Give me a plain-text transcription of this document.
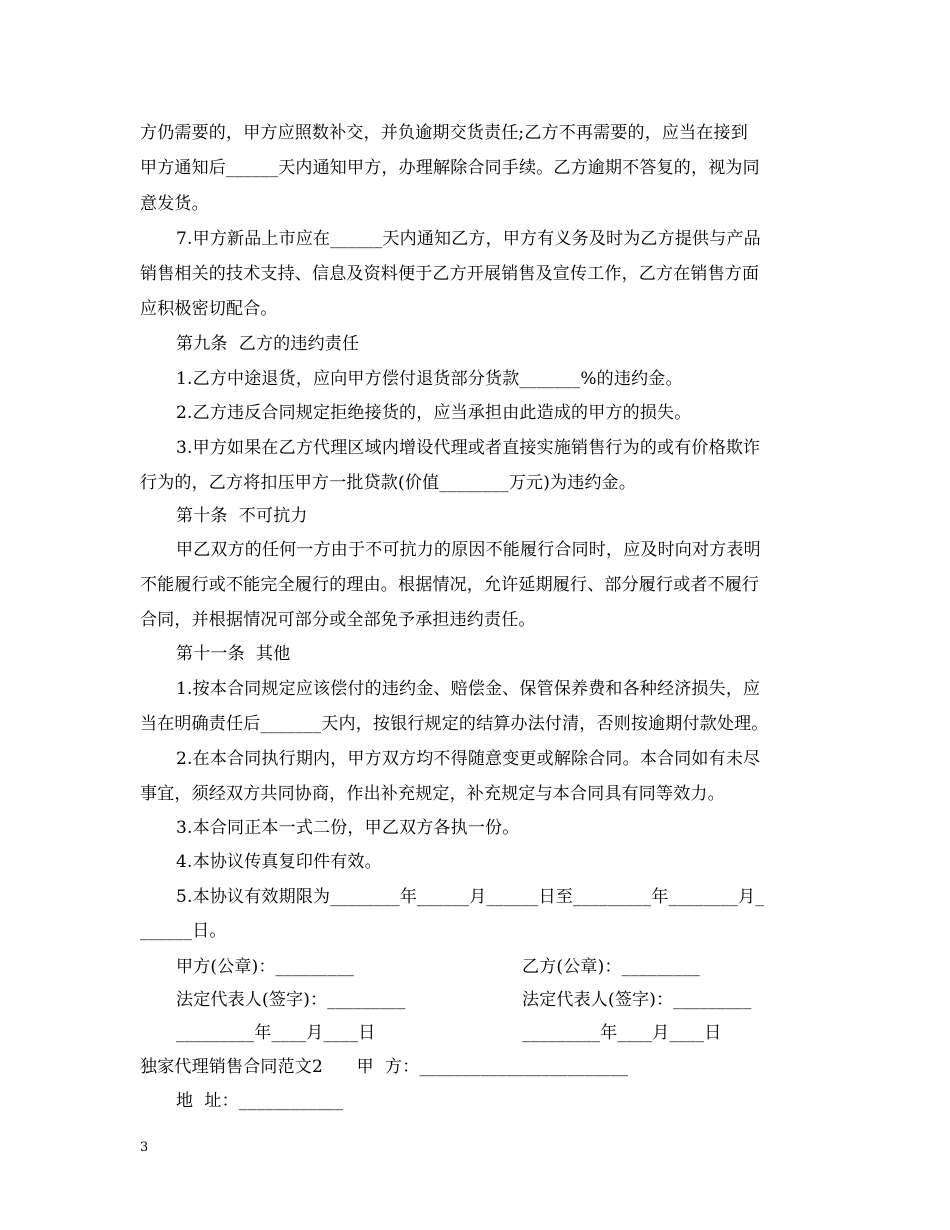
方仍需要的，甲方应照数补交，并负逾期交货责任;乙方不再需要的，应当在接到
甲方通知后______天内通知甲方，办理解除合同手续。乙方逾期不答复的，视为同
意发货。
7.甲方新品上市应在______天内通知乙方，甲方有义务及时为乙方提供与产品
销售相关的技术支持、信息及资料便于乙方开展销售及宣传工作，乙方在销售方面
应积极密切配合。
第九条  乙方的违约责任
1.乙方中途退货，应向甲方偿付退货部分货款_______%的违约金。
2.乙方违反合同规定拒绝接货的，应当承担由此造成的甲方的损失。
3.甲方如果在乙方代理区域内增设代理或者直接实施销售行为的或有价格欺诈
行为的，乙方将扣压甲方一批贷款(价值________万元)为违约金。
第十条  不可抗力
甲乙双方的任何一方由于不可抗力的原因不能履行合同时，应及时向对方表明
不能履行或不能完全履行的理由。根据情况，允许延期履行、部分履行或者不履行
合同，并根据情况可部分或全部免予承担违约责任。
第十一条  其他
1.按本合同规定应该偿付的违约金、赔偿金、保管保养费和各种经济损失，应
当在明确责任后_______天内，按银行规定的结算办法付清，否则按逾期付款处理。
2.在本合同执行期内，甲方双方均不得随意变更或解除合同。本合同如有未尽
事宜，须经双方共同协商，作出补充规定，补充规定与本合同具有同等效力。
3.本合同正本一式二份，甲乙双方各执一份。
4.本协议传真复印件有效。
5.本协议有效期限为________年______月______日至_________年________月_
______日。
甲方(公章)：_________	乙方(公章)：_________
法定代表人(签字)：_________	法定代表人(签字)：_________
_________年____月____日	_________年____月____日
独家代理销售合同范文2      甲  方：________________________
地  址：____________
3
